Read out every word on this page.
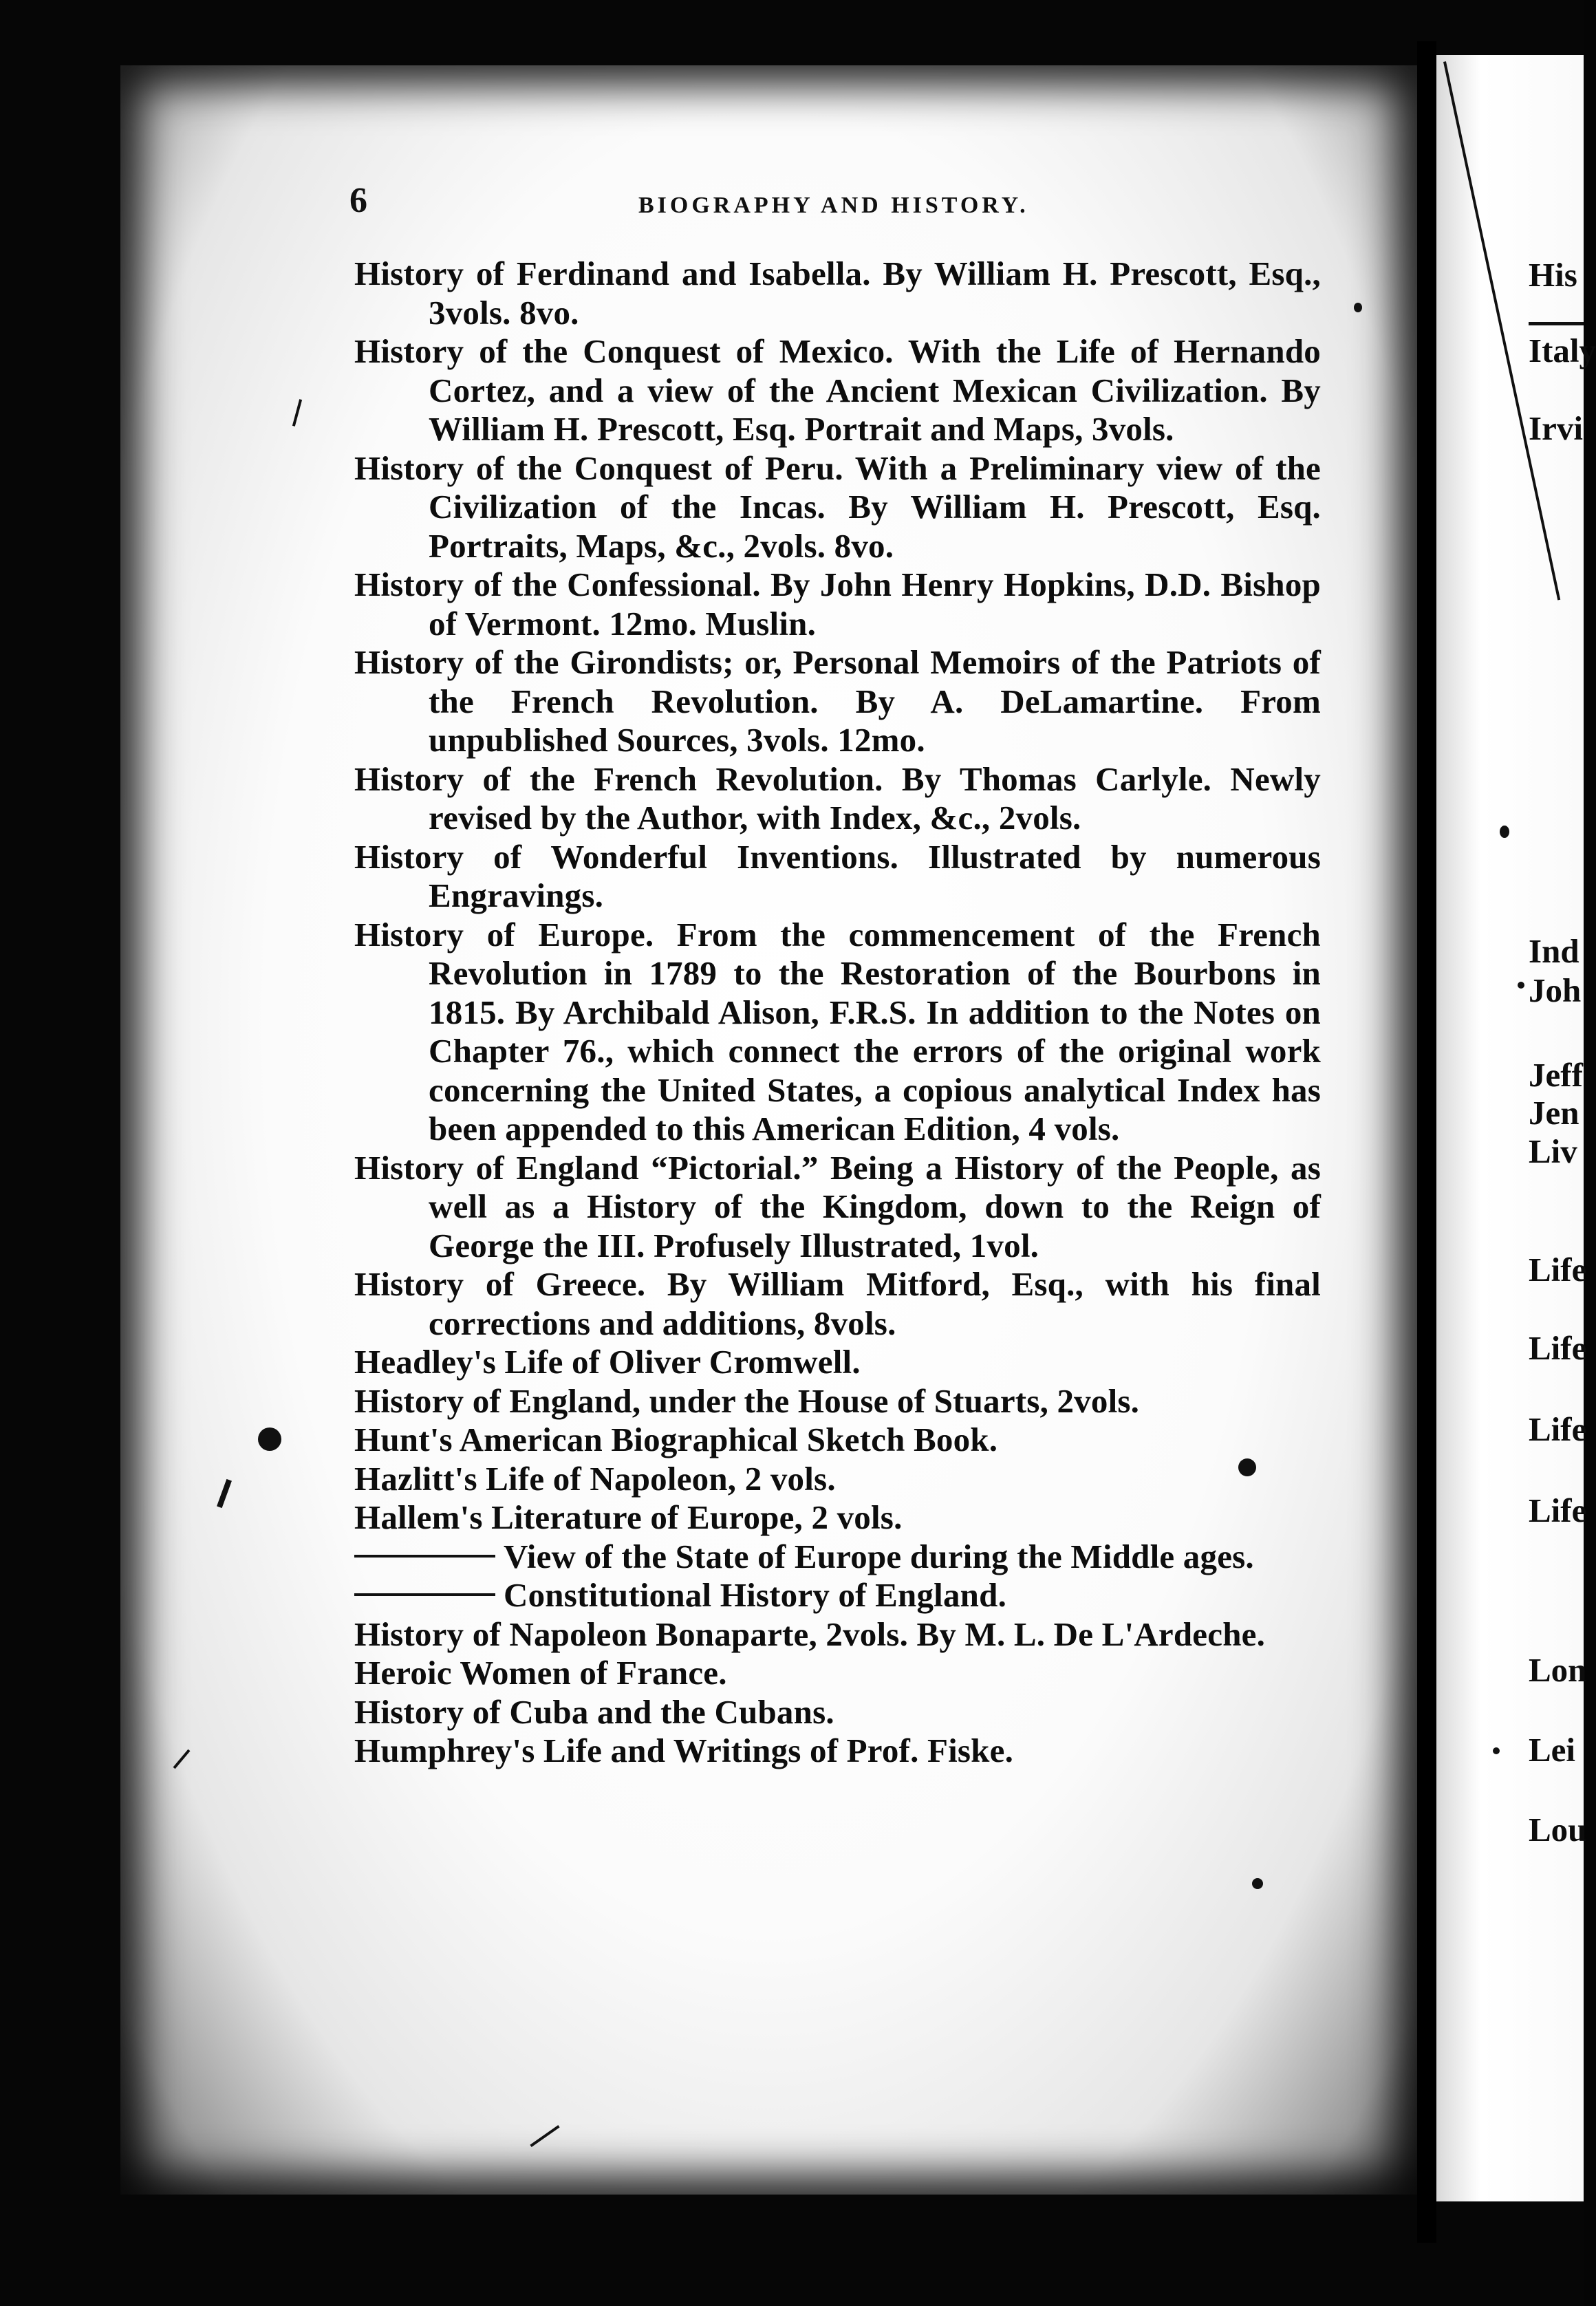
6	BIOGRAPHY AND HISTORY.
History of Ferdinand and Isabella. By William H. Prescott, Esq., 3vols. 8vo.
History of the Conquest of Mexico. With the Life of Hernando Cortez, and a view of the Ancient Mexican Civilization. By William H. Prescott, Esq. Portrait and Maps, 3vols.
History of the Conquest of Peru. With a Preliminary view of the Civilization of the Incas. By William H. Prescott, Esq. Portraits, Maps, &c., 2vols. 8vo.
History of the Confessional. By John Henry Hopkins, D.D. Bishop of Vermont. 12mo. Muslin.
History of the Girondists; or, Personal Memoirs of the Patriots of the French Revolution. By A. DeLamartine. From unpublished Sources, 3vols. 12mo.
History of the French Revolution. By Thomas Carlyle. Newly revised by the Author, with Index, &c., 2vols.
History of Wonderful Inventions. Illustrated by numerous Engravings.
History of Europe. From the commencement of the French Revolution in 1789 to the Restoration of the Bourbons in 1815. By Archibald Alison, F.R.S. In addition to the Notes on Chapter 76., which connect the errors of the original work concerning the United States, a copious analytical Index has been appended to this American Edition, 4 vols.
History of England “Pictorial.” Being a History of the People, as well as a History of the Kingdom, down to the Reign of George the III. Profusely Illustrated, 1vol.
History of Greece. By William Mitford, Esq., with his final corrections and additions, 8vols.
Headley's Life of Oliver Cromwell.
History of England, under the House of Stuarts, 2vols.
Hunt's American Biographical Sketch Book.
Hazlitt's Life of Napoleon, 2 vols.
Hallem's Literature of Europe, 2 vols.
View of the State of Europe during the Middle ages.
Constitutional History of England.
History of Napoleon Bonaparte, 2vols. By M. L. De L'Ardeche.
Heroic Women of France.
History of Cuba and the Cubans.
Humphrey's Life and Writings of Prof. Fiske.
His
Italy
Irvi
Ind
Joh
Jeff
Jen
Liv
Life
Life
Life
Life
Lon
Lei
Lou
